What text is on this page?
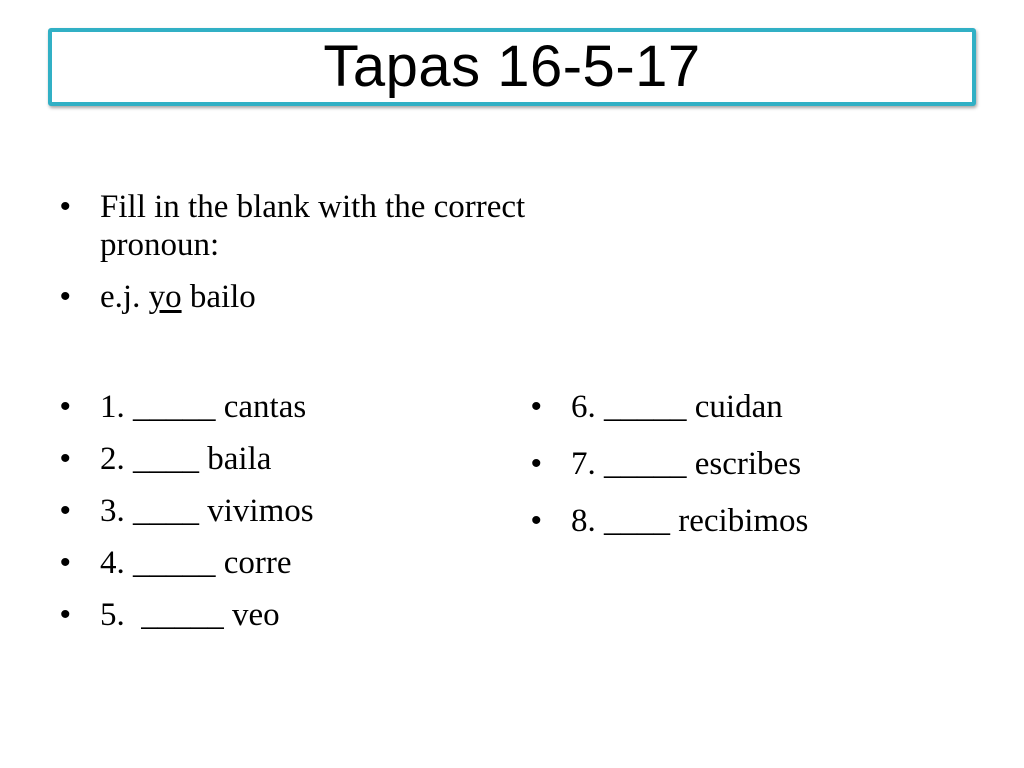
Tapas 16-5-17
• Fill in the blank with the correct pronoun:
• e.j. yo bailo
• 1. _____ cantas
• 2. ____ baila
• 3. ____ vivimos
• 4. _____ corre
• 5.  _____ veo
• 6. _____ cuidan
• 7. _____ escribes
• 8. ____ recibimos
